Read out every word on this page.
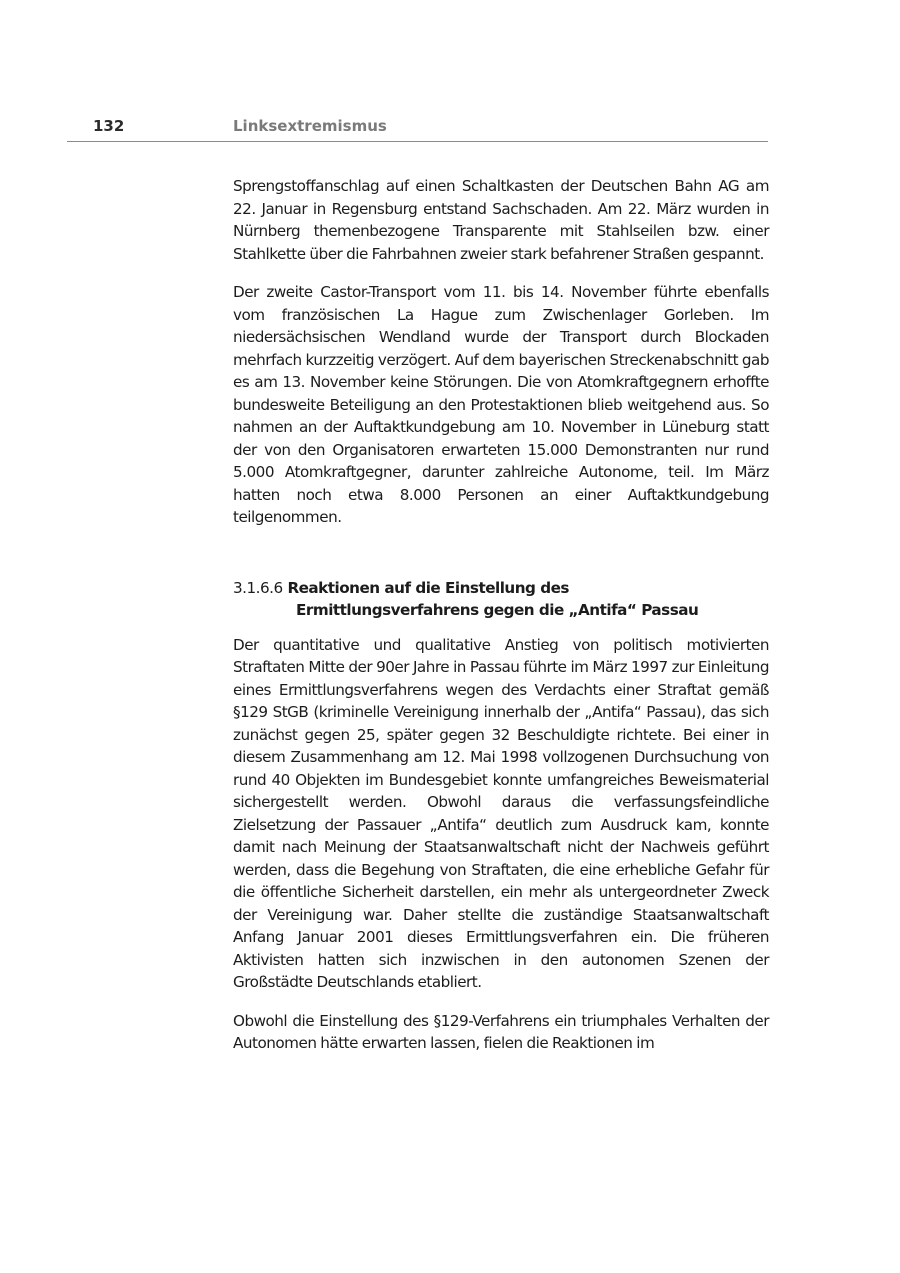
132	Linksextremismus

Sprengstoffanschlag auf einen Schaltkasten der Deutschen Bahn AG am 22. Januar in Regensburg entstand Sachschaden. Am 22. März wurden in Nürnberg themenbezogene Transparente mit Stahlseilen bzw. einer Stahlkette über die Fahrbahnen zweier stark befahrener Straßen gespannt.

Der zweite Castor-Transport vom 11. bis 14. November führte ebenfalls vom französischen La Hague zum Zwischenlager Gorleben. Im niedersächsischen Wendland wurde der Transport durch Blockaden mehrfach kurzzeitig verzögert. Auf dem bayerischen Streckenabschnitt gab es am 13. November keine Störungen. Die von Atomkraftgegnern erhoffte bundesweite Beteiligung an den Protestaktionen blieb weitgehend aus. So nahmen an der Auftaktkundgebung am 10. November in Lüneburg statt der von den Organisatoren erwarteten 15.000 Demonstranten nur rund 5.000 Atomkraftgegner, darunter zahlreiche Autonome, teil. Im März hatten noch etwa 8.000 Personen an einer Auftaktkundgebung teilgenommen.

3.1.6.6 Reaktionen auf die Einstellung des
Ermittlungsverfahrens gegen die „Antifa“ Passau

Der quantitative und qualitative Anstieg von politisch motivierten Straftaten Mitte der 90er Jahre in Passau führte im März 1997 zur Einleitung eines Ermittlungsverfahrens wegen des Verdachts einer Straftat gemäß §129 StGB (kriminelle Vereinigung innerhalb der „Antifa“ Passau), das sich zunächst gegen 25, später gegen 32 Beschuldigte richtete. Bei einer in diesem Zusammenhang am 12. Mai 1998 vollzogenen Durchsuchung von rund 40 Objekten im Bundesgebiet konnte umfangreiches Beweismaterial sichergestellt werden. Obwohl daraus die verfassungsfeindliche Zielsetzung der Passauer „Antifa“ deutlich zum Ausdruck kam, konnte damit nach Meinung der Staatsanwaltschaft nicht der Nachweis geführt werden, dass die Begehung von Straftaten, die eine erhebliche Gefahr für die öffentliche Sicherheit darstellen, ein mehr als untergeordneter Zweck der Vereinigung war. Daher stellte die zuständige Staatsanwaltschaft Anfang Januar 2001 dieses Ermittlungsverfahren ein. Die früheren Aktivisten hatten sich inzwischen in den autonomen Szenen der Großstädte Deutschlands etabliert.

Obwohl die Einstellung des §129-Verfahrens ein triumphales Verhalten der Autonomen hätte erwarten lassen, fielen die Reaktionen im
